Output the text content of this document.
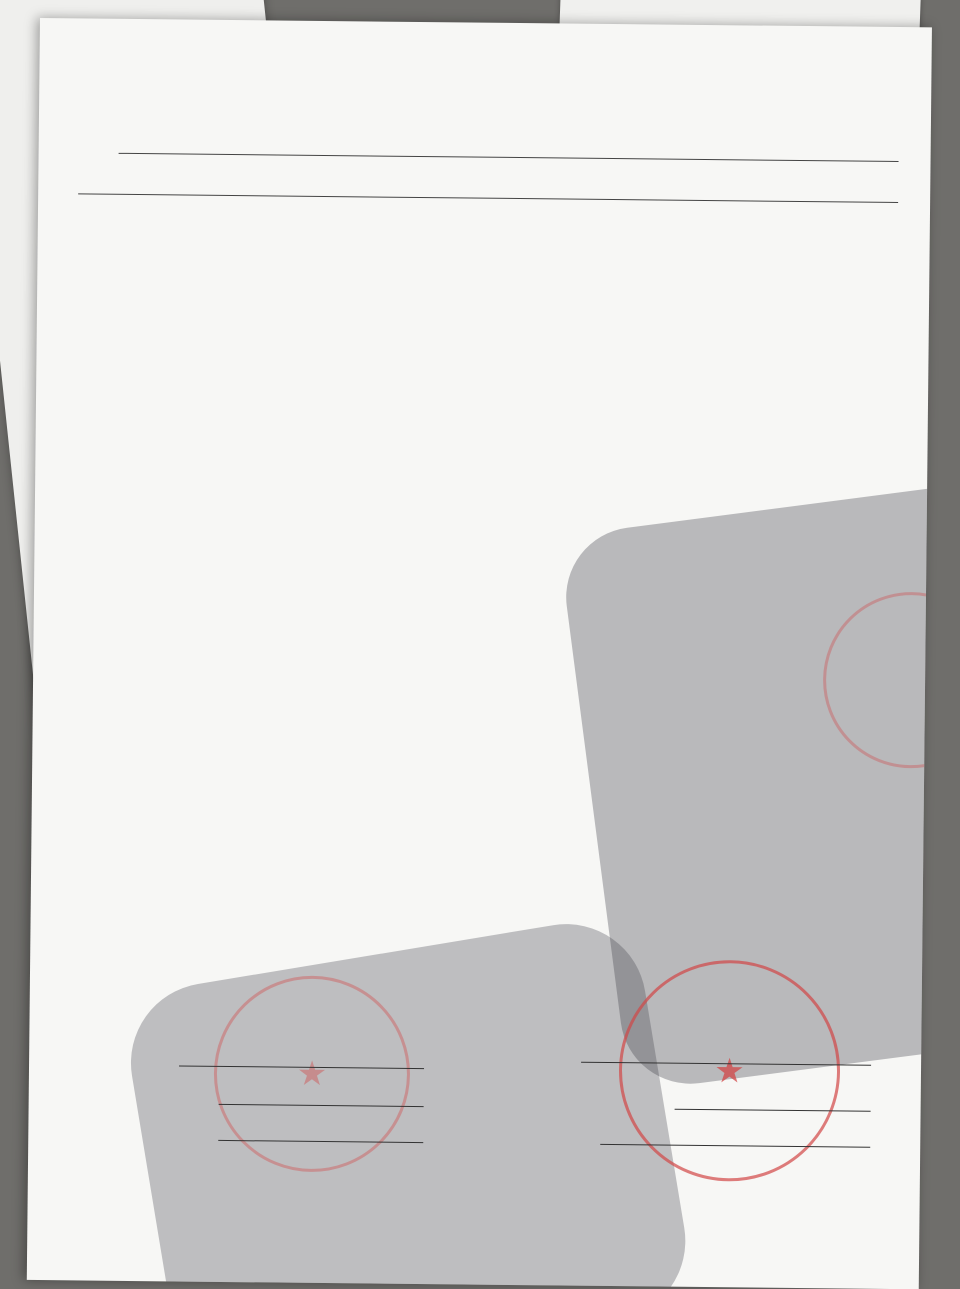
★
★
